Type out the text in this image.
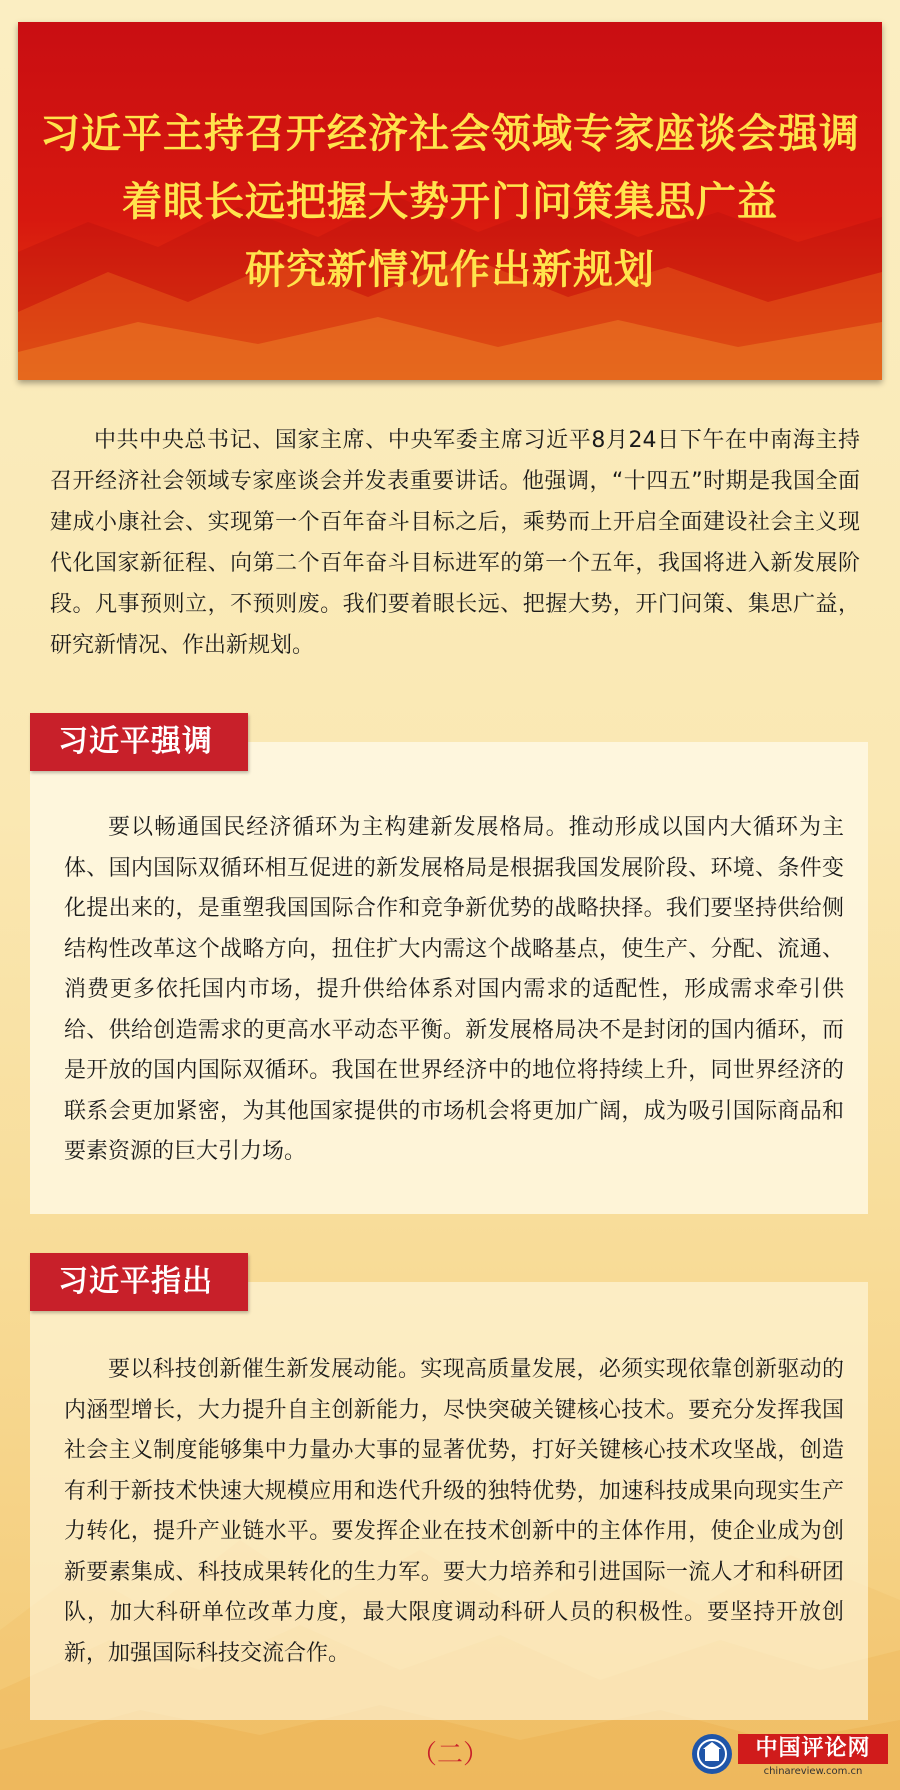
习近平主持召开经济社会领域专家座谈会强调
着眼长远把握大势开门问策集思广益
研究新情况作出新规划
中共中央总书记、国家主席、中央军委主席习近平8月24日下午在中南海主持召开经济社会领域专家座谈会并发表重要讲话。他强调，“十四五”时期是我国全面建成小康社会、实现第一个百年奋斗目标之后，乘势而上开启全面建设社会主义现代化国家新征程、向第二个百年奋斗目标进军的第一个五年，我国将进入新发展阶段。凡事预则立，不预则废。我们要着眼长远、把握大势，开门问策、集思广益，研究新情况、作出新规划。
习近平强调
要以畅通国民经济循环为主构建新发展格局。推动形成以国内大循环为主体、国内国际双循环相互促进的新发展格局是根据我国发展阶段、环境、条件变化提出来的，是重塑我国国际合作和竞争新优势的战略抉择。我们要坚持供给侧结构性改革这个战略方向，扭住扩大内需这个战略基点，使生产、分配、流通、消费更多依托国内市场，提升供给体系对国内需求的适配性，形成需求牵引供给、供给创造需求的更高水平动态平衡。新发展格局决不是封闭的国内循环，而是开放的国内国际双循环。我国在世界经济中的地位将持续上升，同世界经济的联系会更加紧密，为其他国家提供的市场机会将更加广阔，成为吸引国际商品和要素资源的巨大引力场。
习近平指出
要以科技创新催生新发展动能。实现高质量发展，必须实现依靠创新驱动的内涵型增长，大力提升自主创新能力，尽快突破关键核心技术。要充分发挥我国社会主义制度能够集中力量办大事的显著优势，打好关键核心技术攻坚战，创造有利于新技术快速大规模应用和迭代升级的独特优势，加速科技成果向现实生产力转化，提升产业链水平。要发挥企业在技术创新中的主体作用，使企业成为创新要素集成、科技成果转化的生力军。要大力培养和引进国际一流人才和科研团队，加大科研单位改革力度，最大限度调动科研人员的积极性。要坚持开放创新，加强国际科技交流合作。
（二）	中国评论网
chinareview.com.cn
